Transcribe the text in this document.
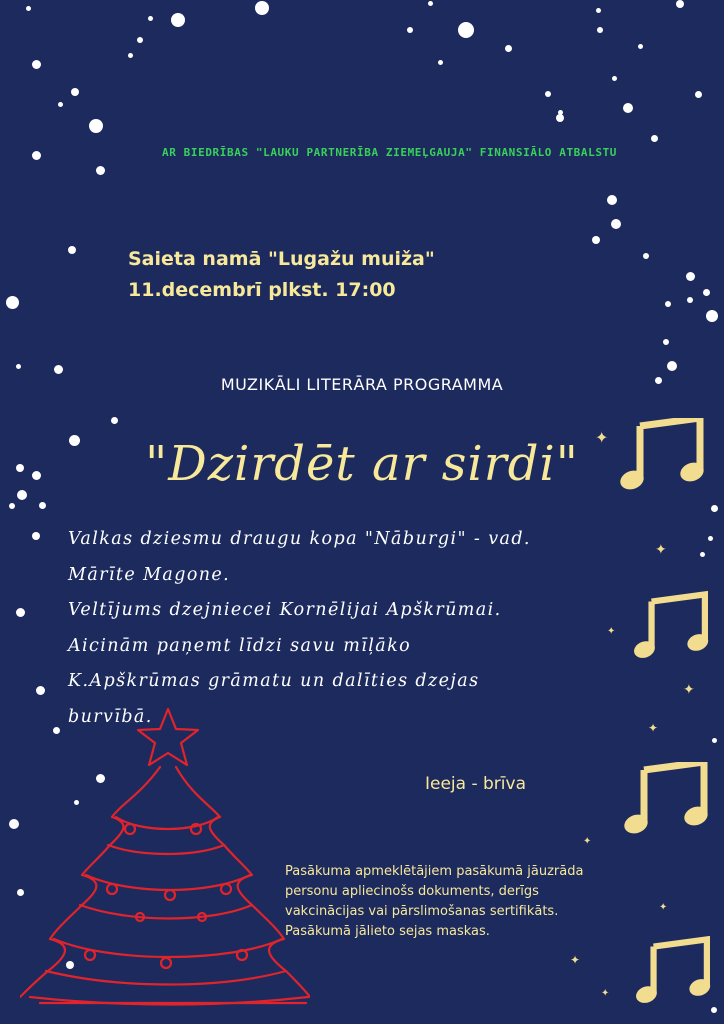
✦
✦
✦
✦
✦
✦
✦
✦
✦
AR BIEDRĪBAS "LAUKU PARTNERĪBA ZIEMEĻGAUJA" FINANSIĀLO ATBALSTU
Saieta namā "Lugažu muiža"
11.decembrī plkst. 17:00
MUZIKĀLI LITERĀRA PROGRAMMA
"Dzirdēt ar sirdi"
Valkas dziesmu draugu kopa "Nāburgi" - vad.
Mārīte Magone.
Veltījums dzejniecei Kornēlijai Apškrūmai.
Aicinām paņemt līdzi savu mīļāko
K.Apškrūmas grāmatu un dalīties dzejas
burvībā.
Ieeja - brīva
Pasākuma apmeklētājiem pasākumā jāuzrāda
personu apliecinošs dokuments, derīgs
vakcinācijas vai pārslimošanas sertifikāts.
Pasākumā jālieto sejas maskas.
